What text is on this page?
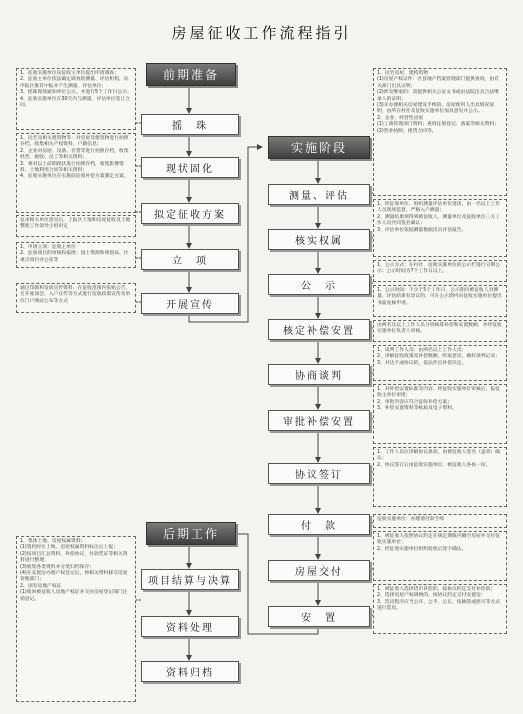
房屋征收工作流程指引
前期准备
实施阶段
后期工作
摇　珠
现状固化
拟定征收方案
立　项
开展宣传
测量、评估
核实权属
公　示
核定补偿安置
协商谈判
审批补偿安置
协议签订
付　款
房屋交付
安　置
项目结算与决算
资料处理
资料归档
1、征收实施单位向征收主单位提出申请调查；
2、征收主单位依法确定调查的测量、评估机构，向申报区推荐中报并产生测量、评估单位；
3、摇珠现场通知单位公示，并进行5个工作日公示；
4、征收实施单位在30天内与测量、评估单位签订合同。
1、民宅及相关建筑物等：对房屋及建筑物进行拍照存档，收集相关产权资料，户籍信息；
2、企业对房屋、设备、存货等进行拍照存档，收集经营、税收、员工等相关资料；
3、将对以上前期现状进行拍照存档，收集影像资料，土地利用合同等相关资料；
4、征收实施单位在实施前征收补偿方案制定方案。
征求相关单位意见后，上报区土地和房屋征收及土地整理工作领导小组审定
1、申请立项：征收主单位
2、征收项目的审核和报批：国土资源和规划局、区重点项目办公室等
通过印制和发放宣传资料、在征收范围内张贴公告、召开座谈会、入户宣传等方式进行征收政策宣传及单位门户网站公布等方式
1、民宅房屋、建构筑物
(1)房屋产权证件：区县地产档案管理部门提供查询，由有关部门出具证明；
(2)涉及继承的：需提供相关公证文书或由法院出具合法继承人的证明；
(3)未办理相关房屋建设手续的，房屋使用人出具情况说明，由所在村社及征收实施单位加具意见并公示。
2、企业、经营性房屋
(1)工商管理部门资料；查询注册登记、备案等相关资料；
(2)营业执照、租赁合同等。
1、经征收单位、组织测量评估单位进场，由一名以上工作人员现场监督，严格入户测量；
2、测量结果须得到被征收人、测量单位及征收单位三方工作人员共同签名确认；
3、评估单位依据测量数据出具评估报告。
1、公示方式：在村社、征收实施单位的公示栏进行分期公示；公示时间为7个工作日以上。
1、公示时间：不少于5个工作日，公示期内被征收人对测量、评估结果有异议的，可在公示期内向征收实施单位提出书面复核申请。
由两名及以上工作人员分别核算补偿和安置数额，并经征收实施单位负责人审核。
1、谈判工作人员：由两名以上工作人员；
2、讲解征收政策及补偿数额、听取意见，做好谈判记录；
3、对达不成协议的，依法作出补偿决定。
1、对补偿安置标准等内容、经征收实施单位审核后，报征收主单位审批；
2、审批内容应符合征收补偿方案；
3、补偿安置资料等纸质及电子资料。
1、工作人员应讲解协议条款，由被征收人签名（盖章）确认；
2、协议签订后由征收实施单位、被征收人各执一份。
征收实施单位：办理请付款手续
1、被征收人依照协议约定在规定期限内腾空房屋并交付征收实施单位；
2、经征收实施单位组织验收后签字确认。
1、被征收人选择货币补偿的，按协议约定支付补偿款；
2、选择房屋产权调换的，按协议约定交付安置房；
3、选房程序应当公开、公平、公正，按抽签或摇号等方式进行选房。
1、集体土地、房屋权属资料；
(1)签约时在土地、房屋权属资料标注后上报；
(2)按项目汇总资料、补偿协议、付款凭证等相关资料进行整理；
(3)收集各类资料并分类归档保存；
(4)在安置房办理产权登记后，将相关资料移交房屋管理部门；
2、国有房地产权证
(1)收回被征收人房地产权证并交由房屋登记部门注销登记。
